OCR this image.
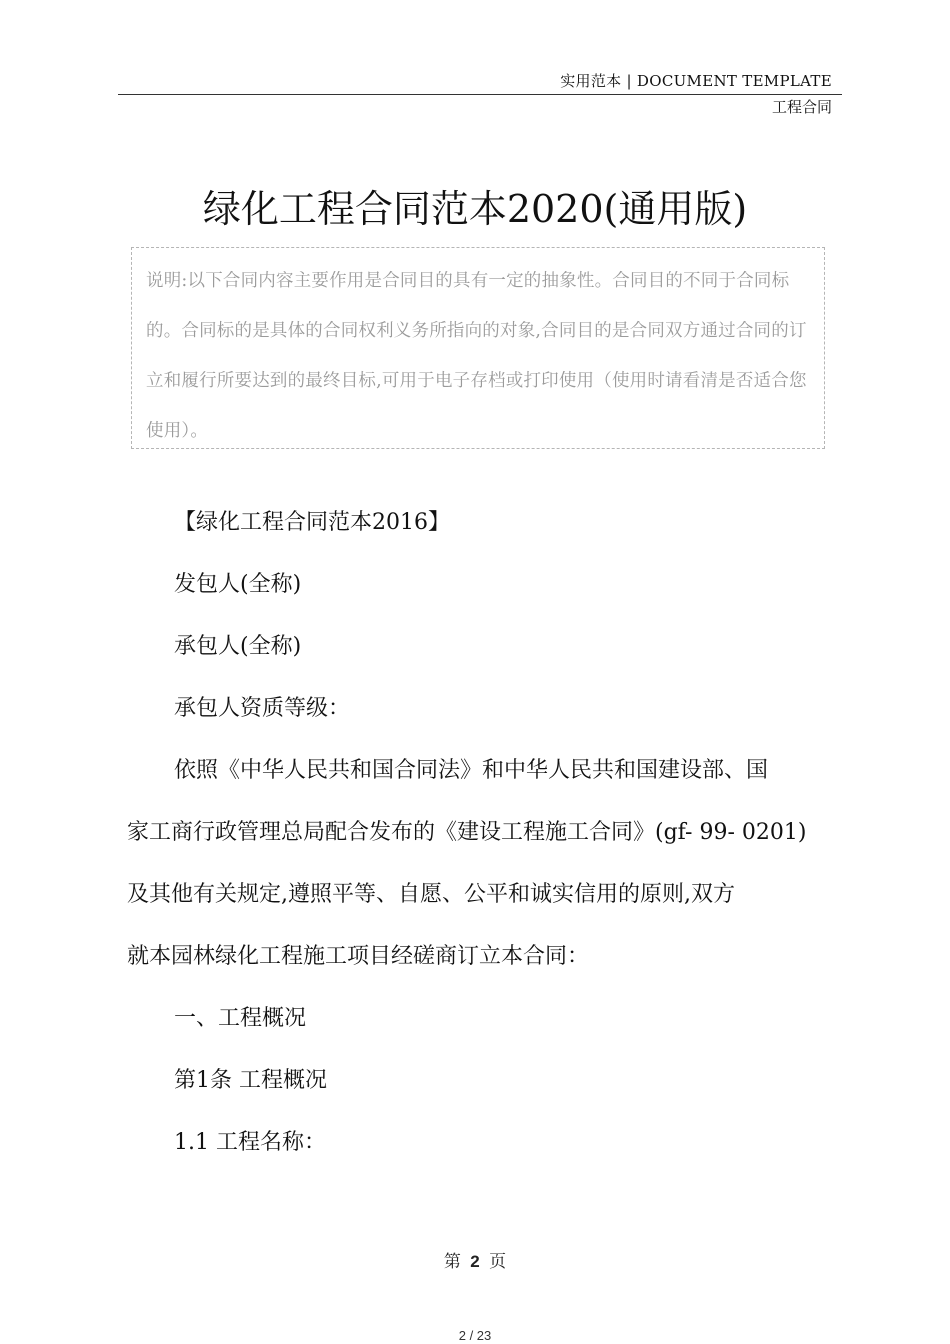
实用范本 | DOCUMENT TEMPLATE
工程合同
绿化工程合同范本2020(通用版)
说明:以下合同内容主要作用是合同目的具有一定的抽象性。合同目的不同于合同标的。合同标的是具体的合同权利义务所指向的对象,合同目的是合同双方通过合同的订立和履行所要达到的最终目标,可用于电子存档或打印使用（使用时请看清是否适合您使用）。

【绿化工程合同范本2016】

发包人(全称)

承包人(全称)

承包人资质等级：

依照《中华人民共和国合同法》和中华人民共和国建设部、国

家工商行政管理总局配合发布的《建设工程施工合同》(gf- 99- 0201)

及其他有关规定,遵照平等、自愿、公平和诚实信用的原则,双方

就本园林绿化工程施工项目经磋商订立本合同：

一、工程概况

第1条 工程概况

1.1 工程名称：

第 2 页
2 / 23
